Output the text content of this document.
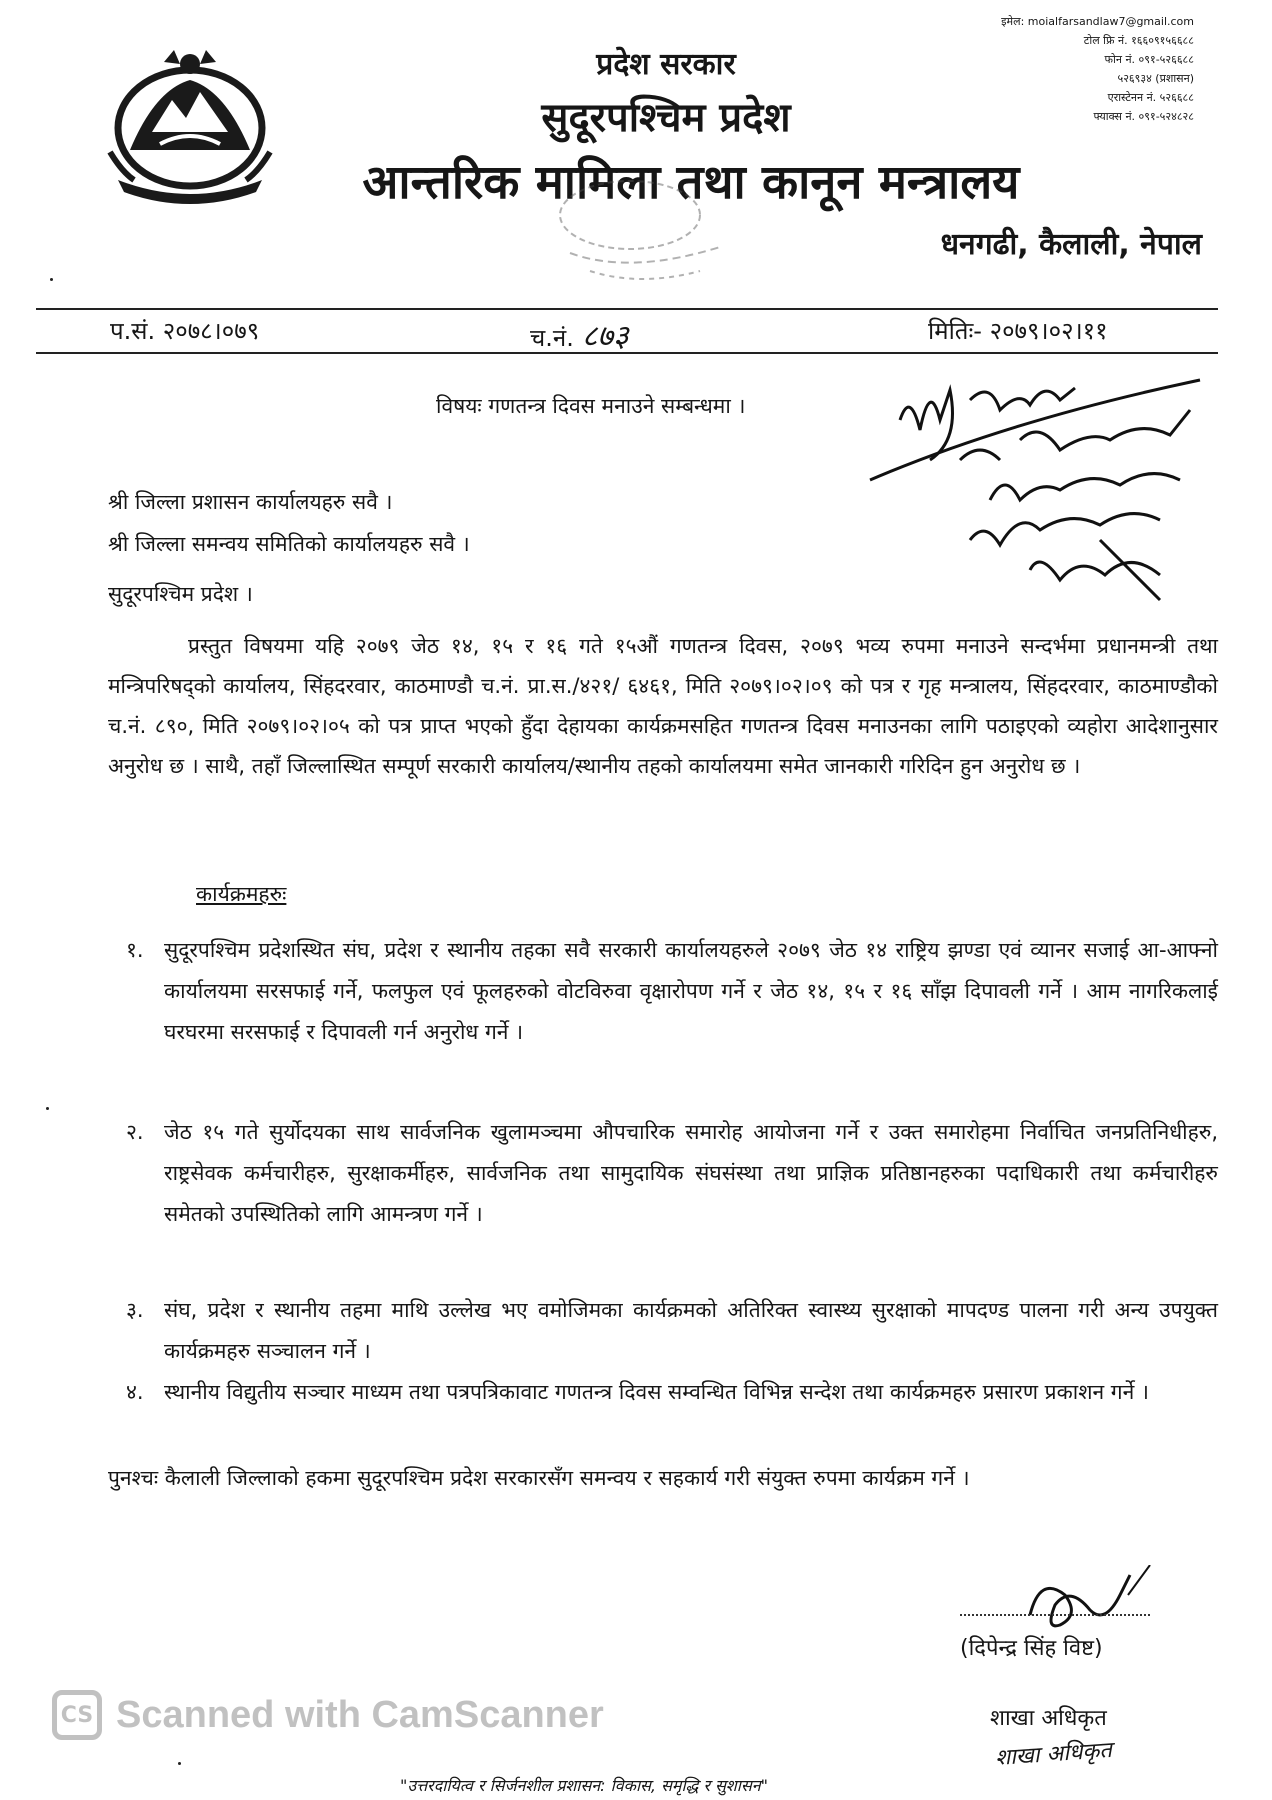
इमेल: moialfarsandlaw7@gmail.com
टोल फ्रि नं. १६६०९१५६६८८
फोन नं. ०९१-५२६६८८
५२६९३४ (प्रशासन)
एरास्टेनन नं. ५२६६८८
फ्याक्स नं. ०९१-५२४८२८
प्रदेश सरकार
सुदूरपश्चिम प्रदेश
आन्तरिक मामिला तथा कानून मन्त्रालय
धनगढी, कैलाली, नेपाल
प.सं. २०७८।०७९	च.नं. ८७३	मितिः- २०७९।०२।११
विषयः गणतन्त्र दिवस मनाउने सम्बन्धमा ।
श्री जिल्ला प्रशासन कार्यालयहरु सवै ।
श्री जिल्ला समन्वय समितिको कार्यालयहरु सवै ।
सुदूरपश्चिम प्रदेश ।

प्रस्तुत विषयमा यहि २०७९ जेठ १४, १५ र १६ गते १५औं गणतन्त्र दिवस, २०७९ भव्य रुपमा मनाउने सन्दर्भमा प्रधानमन्त्री तथा मन्त्रिपरिषद्को कार्यालय, सिंहदरवार, काठमाण्डौ च.नं. प्रा.स./४२१/ ६४६१, मिति २०७९।०२।०९ को पत्र र गृह मन्त्रालय, सिंहदरवार, काठमाण्डौको च.नं. ८९०, मिति २०७९।०२।०५ को पत्र प्राप्त भएको हुँदा देहायका कार्यक्रमसहित गणतन्त्र दिवस मनाउनका लागि पठाइएको व्यहोरा आदेशानुसार अनुरोध छ । साथै, तहाँ जिल्लास्थित सम्पूर्ण सरकारी कार्यालय/स्थानीय तहको कार्यालयमा समेत जानकारी गरिदिन हुन अनुरोध छ ।

कार्यक्रमहरुः
१. सुदूरपश्चिम प्रदेशस्थित संघ, प्रदेश र स्थानीय तहका सवै सरकारी कार्यालयहरुले २०७९ जेठ १४ राष्ट्रिय झण्डा एवं व्यानर सजाई आ-आफ्नो कार्यालयमा सरसफाई गर्ने, फलफुल एवं फूलहरुको वोटविरुवा वृक्षारोपण गर्ने र जेठ १४, १५ र १६ साँझ दिपावली गर्ने । आम नागरिकलाई घरघरमा सरसफाई र दिपावली गर्न अनुरोध गर्ने ।
२. जेठ १५ गते सुर्योदयका साथ सार्वजनिक खुलामञ्चमा औपचारिक समारोह आयोजना गर्ने र उक्त समारोहमा निर्वाचित जनप्रतिनिधीहरु, राष्ट्रसेवक कर्मचारीहरु, सुरक्षाकर्मीहरु, सार्वजनिक तथा सामुदायिक संघसंस्था तथा प्राज्ञिक प्रतिष्ठानहरुका पदाधिकारी तथा कर्मचारीहरु समेतको उपस्थितिको लागि आमन्त्रण गर्ने ।
३. संघ, प्रदेश र स्थानीय तहमा माथि उल्लेख भए वमोजिमका कार्यक्रमको अतिरिक्त स्वास्थ्य सुरक्षाको मापदण्ड पालना गरी अन्य उपयुक्त कार्यक्रमहरु सञ्चालन गर्ने ।
४. स्थानीय विद्युतीय सञ्चार माध्यम तथा पत्रपत्रिकावाट गणतन्त्र दिवस सम्वन्धित विभिन्न सन्देश तथा कार्यक्रमहरु प्रसारण प्रकाशन गर्ने ।

पुनश्चः कैलाली जिल्लाको हकमा सुदूरपश्चिम प्रदेश सरकारसँग समन्वय र सहकार्य गरी संयुक्त रुपमा कार्यक्रम गर्ने ।

(दिपेन्द्र सिंह विष्ट)
शाखा अधिकृत
शाखा अधिकृत
CS Scanned with CamScanner
"उत्तरदायित्व र सिर्जनशील प्रशासन: विकास, समृद्धि र सुशासन"
